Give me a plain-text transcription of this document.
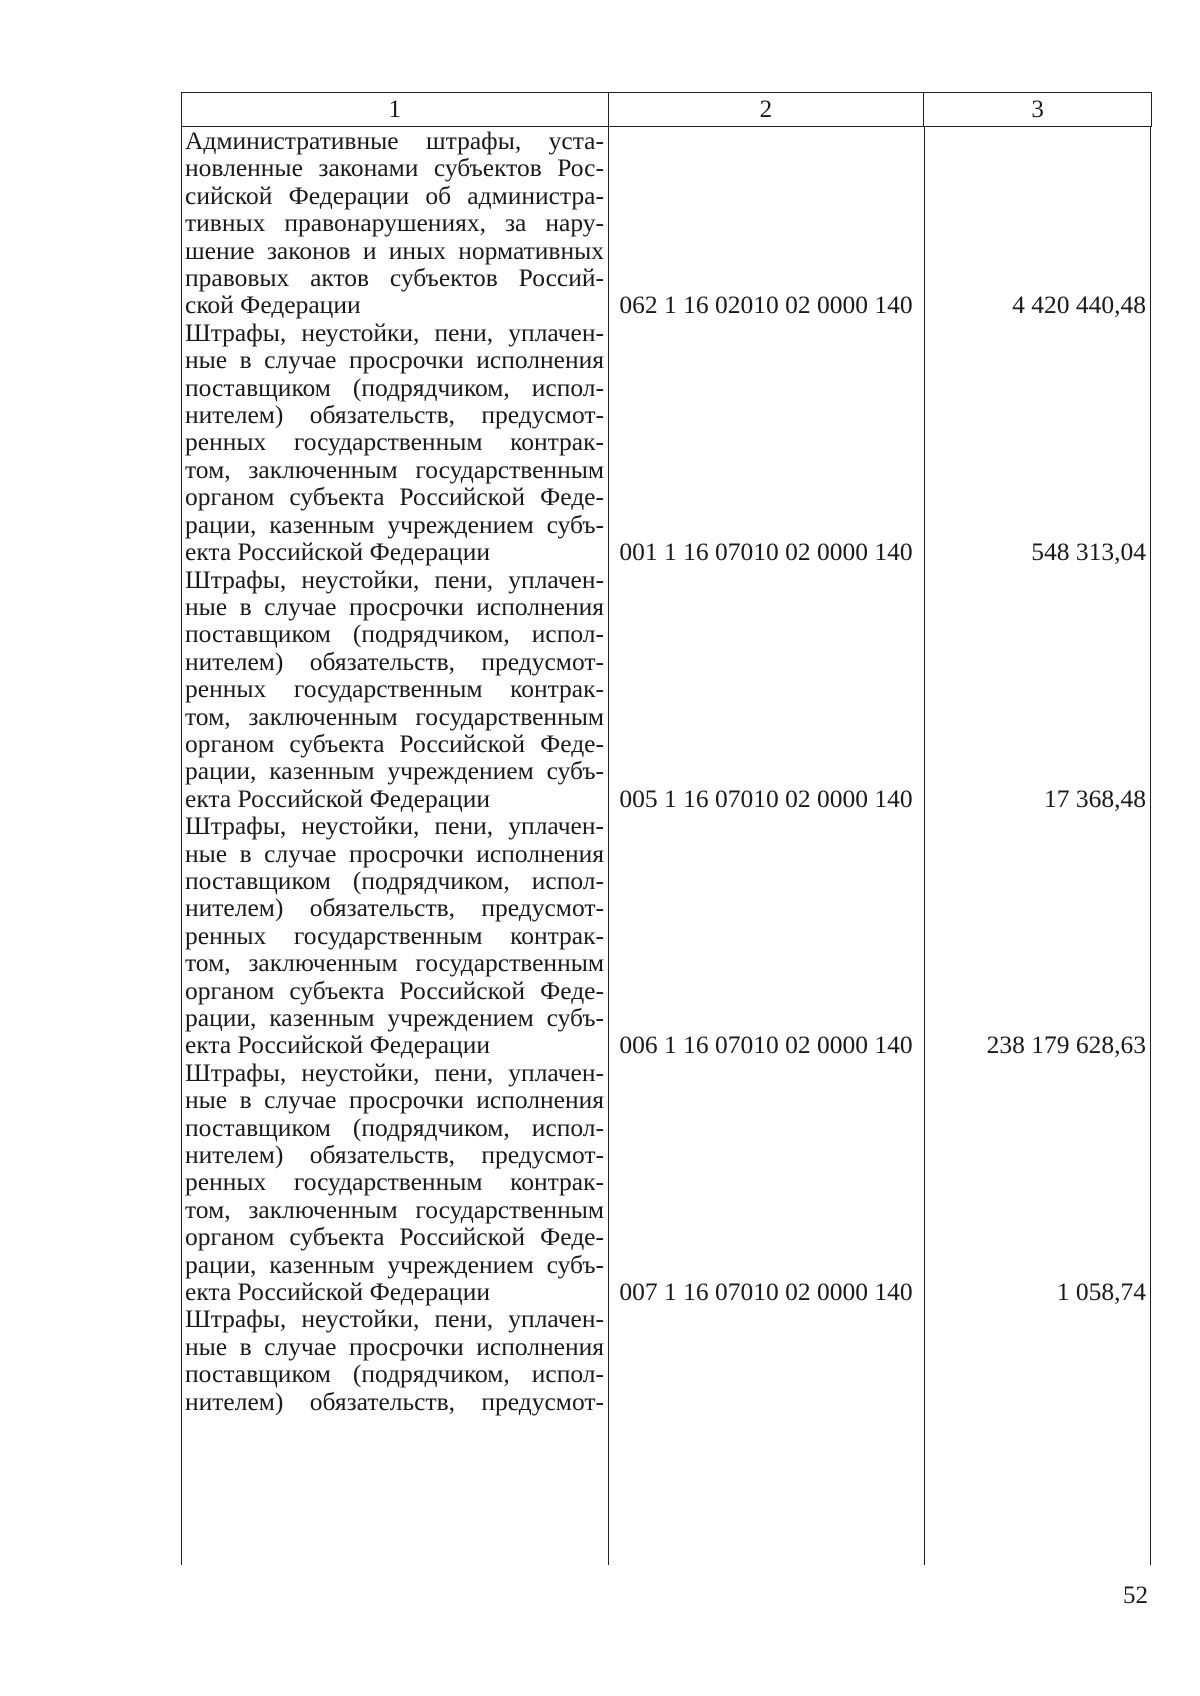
1	2	3
Административные штрафы, уста-
новленные законами субъектов Рос-
сийской Федерации об администра-
тивных правонарушениях, за нару-
шение законов и иных нормативных
правовых актов субъектов Россий-
ской Федерации	062 1 16 02010 02 0000 140	4 420 440,48
Штрафы, неустойки, пени, уплачен-
ные в случае просрочки исполнения
поставщиком (подрядчиком, испол-
нителем) обязательств, предусмот-
ренных государственным контрак-
том, заключенным государственным
органом субъекта Российской Феде-
рации, казенным учреждением субъ-
екта Российской Федерации	001 1 16 07010 02 0000 140	548 313,04
Штрафы, неустойки, пени, уплачен-
ные в случае просрочки исполнения
поставщиком (подрядчиком, испол-
нителем) обязательств, предусмот-
ренных государственным контрак-
том, заключенным государственным
органом субъекта Российской Феде-
рации, казенным учреждением субъ-
екта Российской Федерации	005 1 16 07010 02 0000 140	17 368,48
Штрафы, неустойки, пени, уплачен-
ные в случае просрочки исполнения
поставщиком (подрядчиком, испол-
нителем) обязательств, предусмот-
ренных государственным контрак-
том, заключенным государственным
органом субъекта Российской Феде-
рации, казенным учреждением субъ-
екта Российской Федерации	006 1 16 07010 02 0000 140	238 179 628,63
Штрафы, неустойки, пени, уплачен-
ные в случае просрочки исполнения
поставщиком (подрядчиком, испол-
нителем) обязательств, предусмот-
ренных государственным контрак-
том, заключенным государственным
органом субъекта Российской Феде-
рации, казенным учреждением субъ-
екта Российской Федерации	007 1 16 07010 02 0000 140	1 058,74
Штрафы, неустойки, пени, уплачен-
ные в случае просрочки исполнения
поставщиком (подрядчиком, испол-
нителем) обязательств, предусмот-
52
